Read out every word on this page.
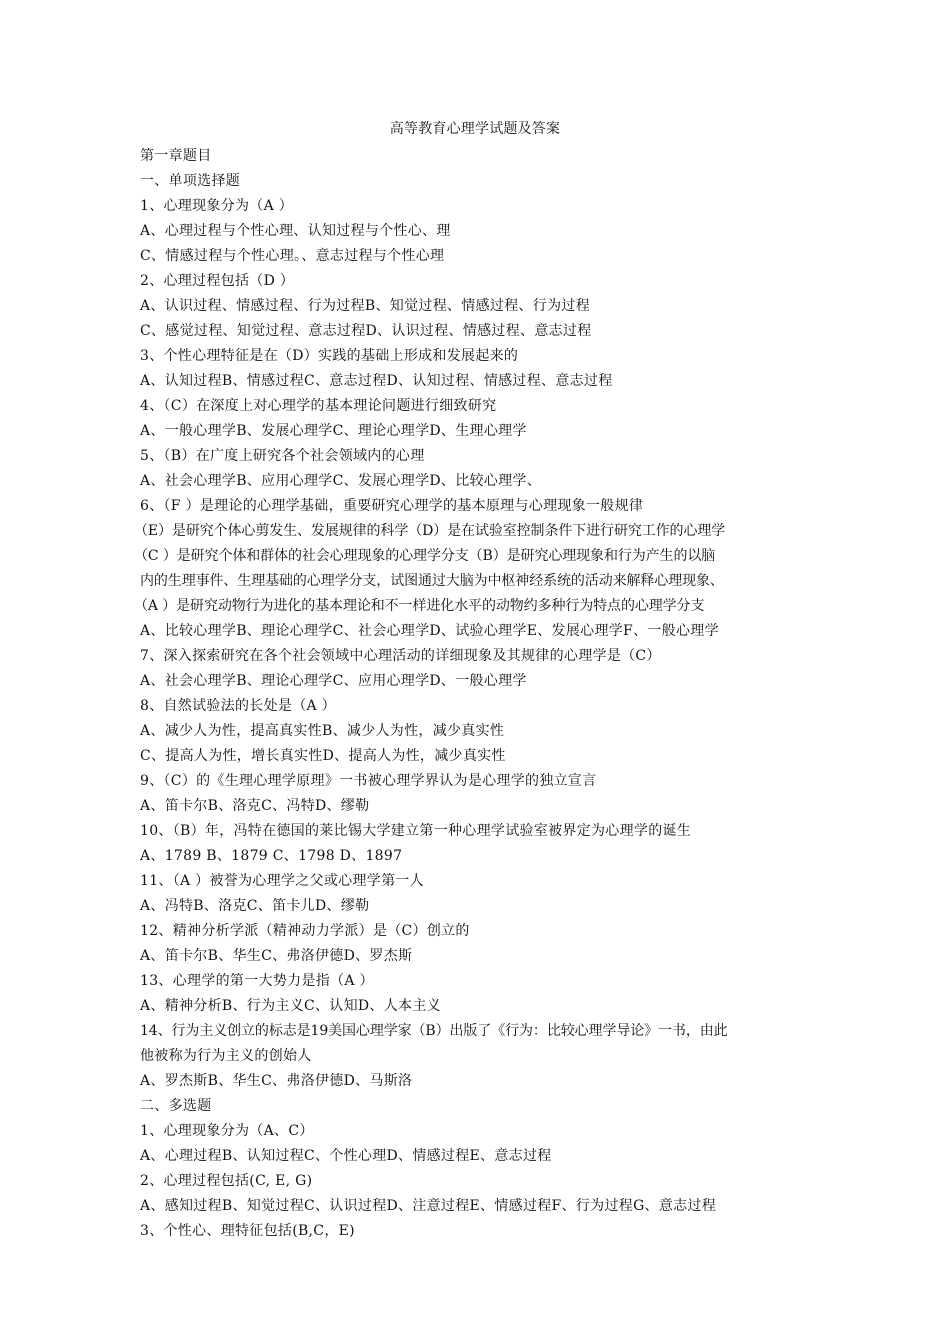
高等教育心理学试题及答案
第一章题目
一、单项选择题
1、心理现象分为（A ）
A、心理过程与个性心理、认知过程与个性心、理
C、情感过程与个性心理。、意志过程与个性心理
2、心理过程包括（D ）
A、认识过程、情感过程、行为过程B、知觉过程、情感过程、行为过程
C、感觉过程、知觉过程、意志过程D、认识过程、情感过程、意志过程
3、个性心理特征是在（D）实践的基础上形成和发展起来的
A、认知过程B、情感过程C、意志过程D、认知过程、情感过程、意志过程
4、（C）在深度上对心理学的基本理论问题进行细致研究
A、一般心理学B、发展心理学C、理论心理学D、生理心理学
5、（B）在广度上研究各个社会领域内的心理
A、社会心理学B、应用心理学C、发展心理学D、比较心理学、
6、（F ）是理论的心理学基础，重要研究心理学的基本原理与心理现象一般规律
（E）是研究个体心剪发生、发展规律的科学（D）是在试验室控制条件下进行研究工作的心理学
（C ）是研究个体和群体的社会心理现象的心理学分支（B）是研究心理现象和行为产生的以脑
内的生理事件、生理基础的心理学分支，试图通过大脑为中枢神经系统的活动来解释心理现象、
（A ）是研究动物行为进化的基本理论和不一样进化水平的动物约多种行为特点的心理学分支
A、比较心理学B、理论心理学C、社会心理学D、试验心理学E、发展心理学F、一般心理学
7、深入探索研究在各个社会领域中心理活动的详细现象及其规律的心理学是（C）
A、社会心理学B、理论心理学C、应用心理学D、一般心理学
8、自然试验法的长处是（A ）
A、减少人为性，提高真实性B、减少人为性，减少真实性
C、提高人为性，增长真实性D、提高人为性，减少真实性
9、（C）的《生理心理学原理》一书被心理学界认为是心理学的独立宣言
A、笛卡尔B、洛克C、冯特D、缪勒
10、（B）年，冯特在德国的莱比锡大学建立第一种心理学试验室被界定为心理学的诞生
A、1789 B、1879 C、1798 D、1897
11、（A ）被誉为心理学之父或心理学第一人
A、冯特B、洛克C、笛卡儿D、缪勒
12、精神分析学派（精神动力学派）是（C）创立的
A、笛卡尔B、华生C、弗洛伊德D、罗杰斯
13、心理学的第一大势力是指（A ）
A、精神分析B、行为主义C、认知D、人本主义
14、行为主义创立的标志是19美国心理学家（B）出版了《行为：比较心理学导论》一书，由此
他被称为行为主义的创始人
A、罗杰斯B、华生C、弗洛伊德D、马斯洛
二、多选题
1、心理现象分为（A、C）
A、心理过程B、认知过程C、个性心理D、情感过程E、意志过程
2、心理过程包括(C, E, G)
A、感知过程B、知觉过程C、认识过程D、注意过程E、情感过程F、行为过程G、意志过程
3、个性心、理特征包括(B,C，E)
